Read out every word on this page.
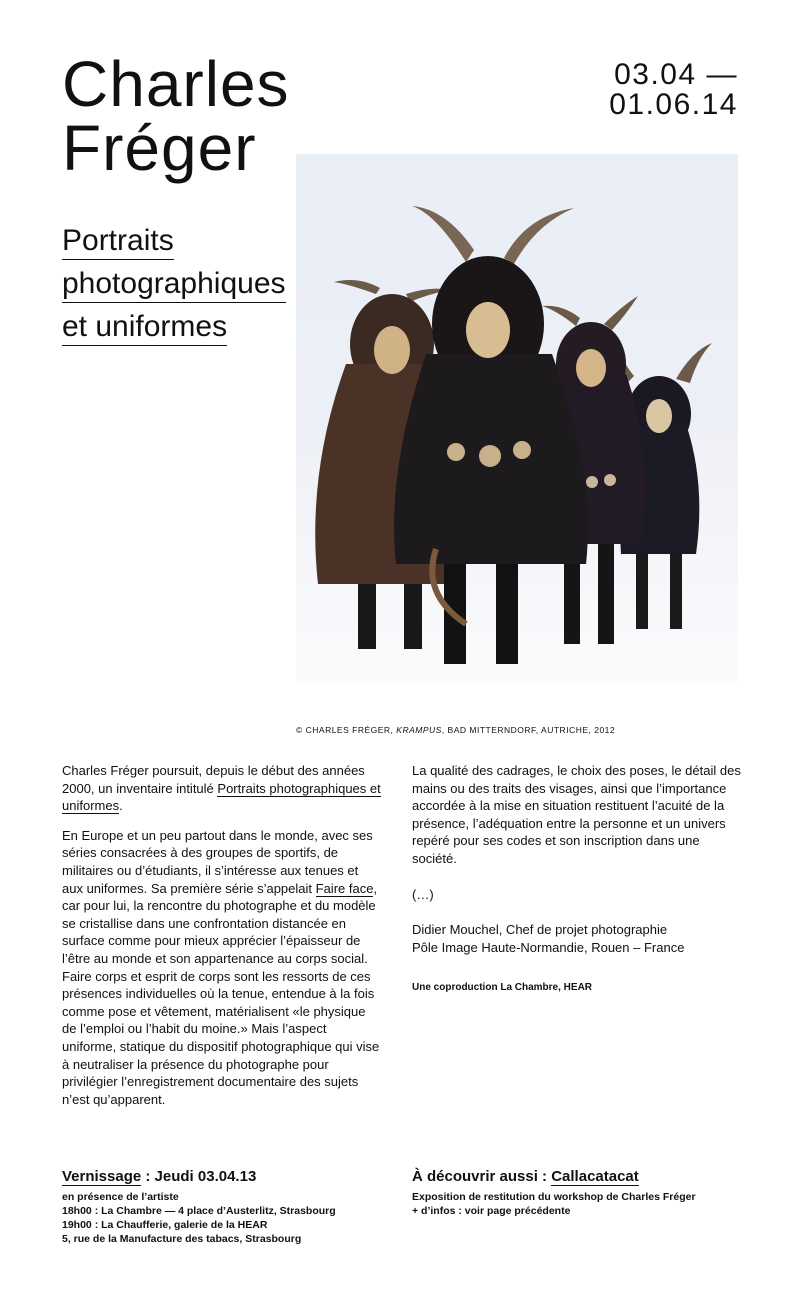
Charles
Fréger
03.04 —
01.06.14
Portraits
photographiques
et uniformes
© CHARLES FRÉGER, KRAMPUS, BAD MITTERNDORF, AUTRICHE, 2012

Charles Fréger poursuit, depuis le début des années 2000, un inventaire intitulé Portraits photographiques et uniformes.

En Europe et un peu partout dans le monde, avec ses séries consacrées à des groupes de sportifs, de militaires ou d’étudiants, il s’intéresse aux tenues et aux uniformes. Sa première série s’appelait Faire face, car pour lui, la rencontre du photographe et du modèle se cristallise dans une confrontation distancée en surface comme pour mieux apprécier l’épaisseur de l’être au monde et son appartenance au corps social.

Faire corps et esprit de corps sont les ressorts de ces présences individuelles où la tenue, entendue à la fois comme pose et vêtement, matérialisent «le physique de l’emploi ou l’habit du moine.» Mais l’aspect uniforme, statique du dispositif photographique qui vise à neutraliser la présence du photographe pour privilégier l’enregistrement documentaire des sujets n’est qu’apparent.

La qualité des cadrages, le choix des poses, le détail des mains ou des traits des visages, ainsi que l’importance accordée à la mise en situation restituent l’acuité de la présence, l’adéquation entre la personne et un univers repéré pour ses codes et son inscription dans une société.

(…)

Didier Mouchel, Chef de projet photographie
Pôle Image Haute-Normandie, Rouen – France

Une coproduction La Chambre, HEAR
Vernissage : Jeudi 03.04.13
en présence de l’artiste
18h00 : La Chambre — 4 place d’Austerlitz, Strasbourg
19h00 : La Chaufferie, galerie de la HEAR
5, rue de la Manufacture des tabacs, Strasbourg
À découvrir aussi : Callacatacat
Exposition de restitution du workshop de Charles Fréger
+ d’infos : voir page précédente
